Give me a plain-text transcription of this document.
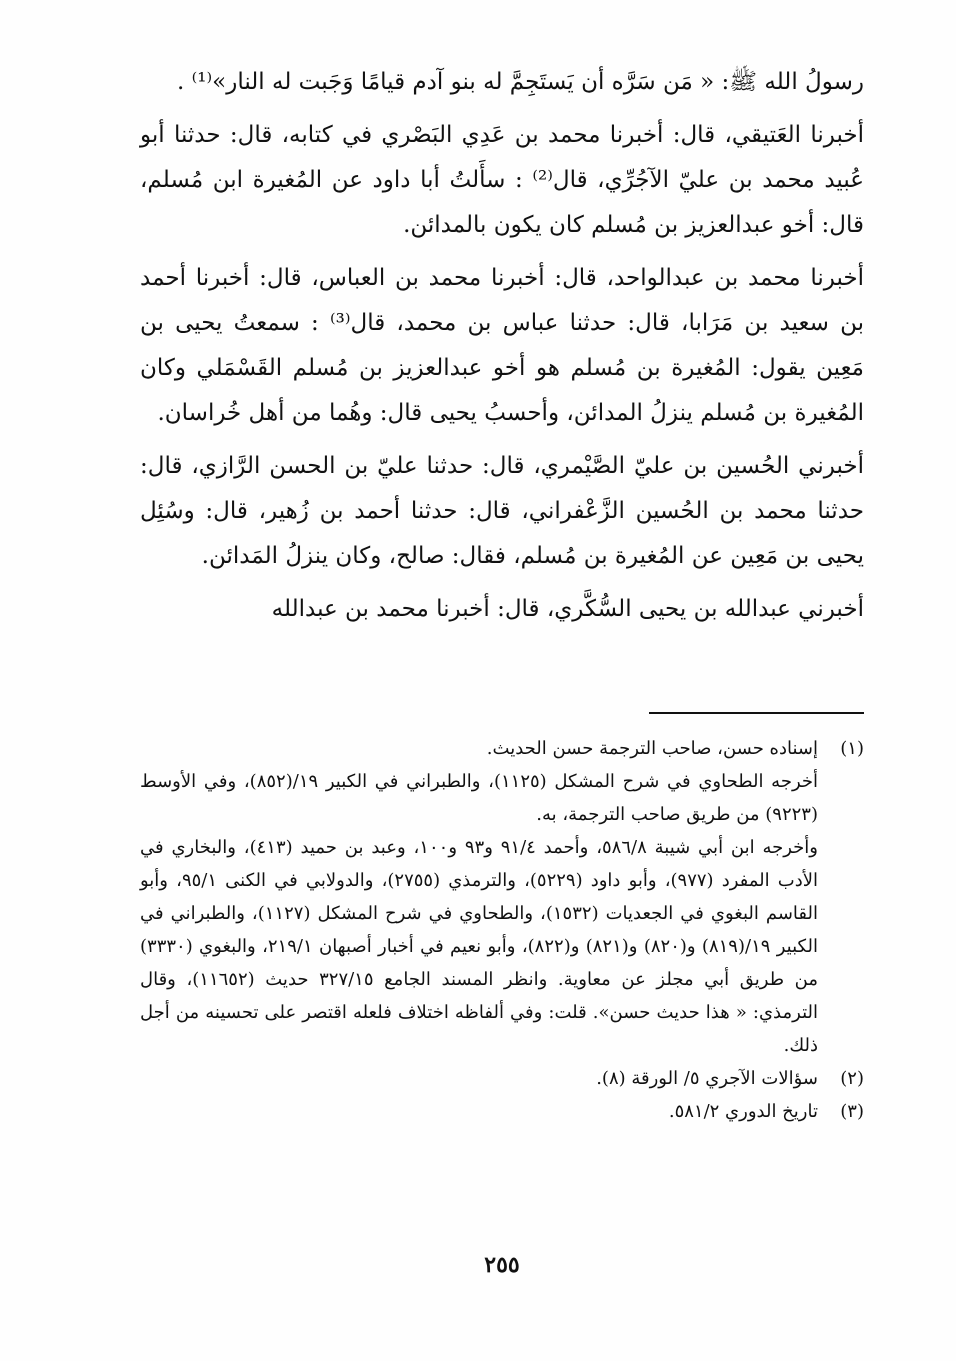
رسولُ الله ﷺ: « مَن سَرَّه أن يَستَجِمَّ له بنو آدم قيامًا وَجَبت له النار»⁽¹⁾ .

أخبرنا العَتيقي، قال: أخبرنا محمد بن عَدِي البَصْري في كتابه، قال: حدثنا أبو عُبيد محمد بن عليّ الآجُرِّي، قال⁽²⁾ : سأَلتُ أبا داود عن المُغيرة ابن مُسلم، قال: أخو عبدالعزيز بن مُسلم كان يكون بالمدائن.

أخبرنا محمد بن عبدالواحد، قال: أخبرنا محمد بن العباس، قال: أخبرنا أحمد بن سعيد بن مَرَابا، قال: حدثنا عباس بن محمد، قال⁽³⁾ : سمعتُ يحيى بن مَعِين يقول: المُغيرة بن مُسلم هو أخو عبدالعزيز بن مُسلم القَسْمَلي وكان المُغيرة بن مُسلم ينزلُ المدائن، وأحسبُ يحيى قال: وهُما من أهل خُراسان.

أخبرني الحُسين بن عليّ الصَّيْمري، قال: حدثنا عليّ بن الحسن الرَّازي، قال: حدثنا محمد بن الحُسين الزَّعْفراني، قال: حدثنا أحمد بن زُهير، قال: وسُئِل يحيى بن مَعِين عن المُغيرة بن مُسلم، فقال: صالح، وكان ينزلُ المَدائن.

أخبرني عبدالله بن يحيى السُّكَّري، قال: أخبرنا محمد بن عبدالله

(١)

إسناده حسن، صاحب الترجمة حسن الحديث.

أخرجه الطحاوي في شرح المشكل (١١٢٥)، والطبراني في الكبير ١٩/(٨٥٢)، وفي الأوسط (٩٢٢٣) من طريق صاحب الترجمة، به.

وأخرجه ابن أبي شيبة ٥٨٦/٨، وأحمد ٩١/٤ و٩٣ و١٠٠، وعبد بن حميد (٤١٣)، والبخاري في الأدب المفرد (٩٧٧)، وأبو داود (٥٢٢٩)، والترمذي (٢٧٥٥)، والدولابي في الكنى ٩٥/١، وأبو القاسم البغوي في الجعديات (١٥٣٢)، والطحاوي في شرح المشكل (١١٢٧)، والطبراني في الكبير ١٩/(٨١٩) و(٨٢٠) و(٨٢١) و(٨٢٢)، وأبو نعيم في أخبار أصبهان ٢١٩/١، والبغوي (٣٣٣٠) من طريق أبي مجلز عن معاوية. وانظر المسند الجامع ٣٢٧/١٥ حديث (١١٦٥٢)، وقال الترمذي: « هذا حديث حسن». قلت: وفي ألفاظه اختلاف فلعله اقتصر على تحسينه من أجل ذلك.

(٢)

سؤالات الآجري ٥/ الورقة (٨).

(٣)

تاريخ الدوري ٥٨١/٢.

٢٥٥
